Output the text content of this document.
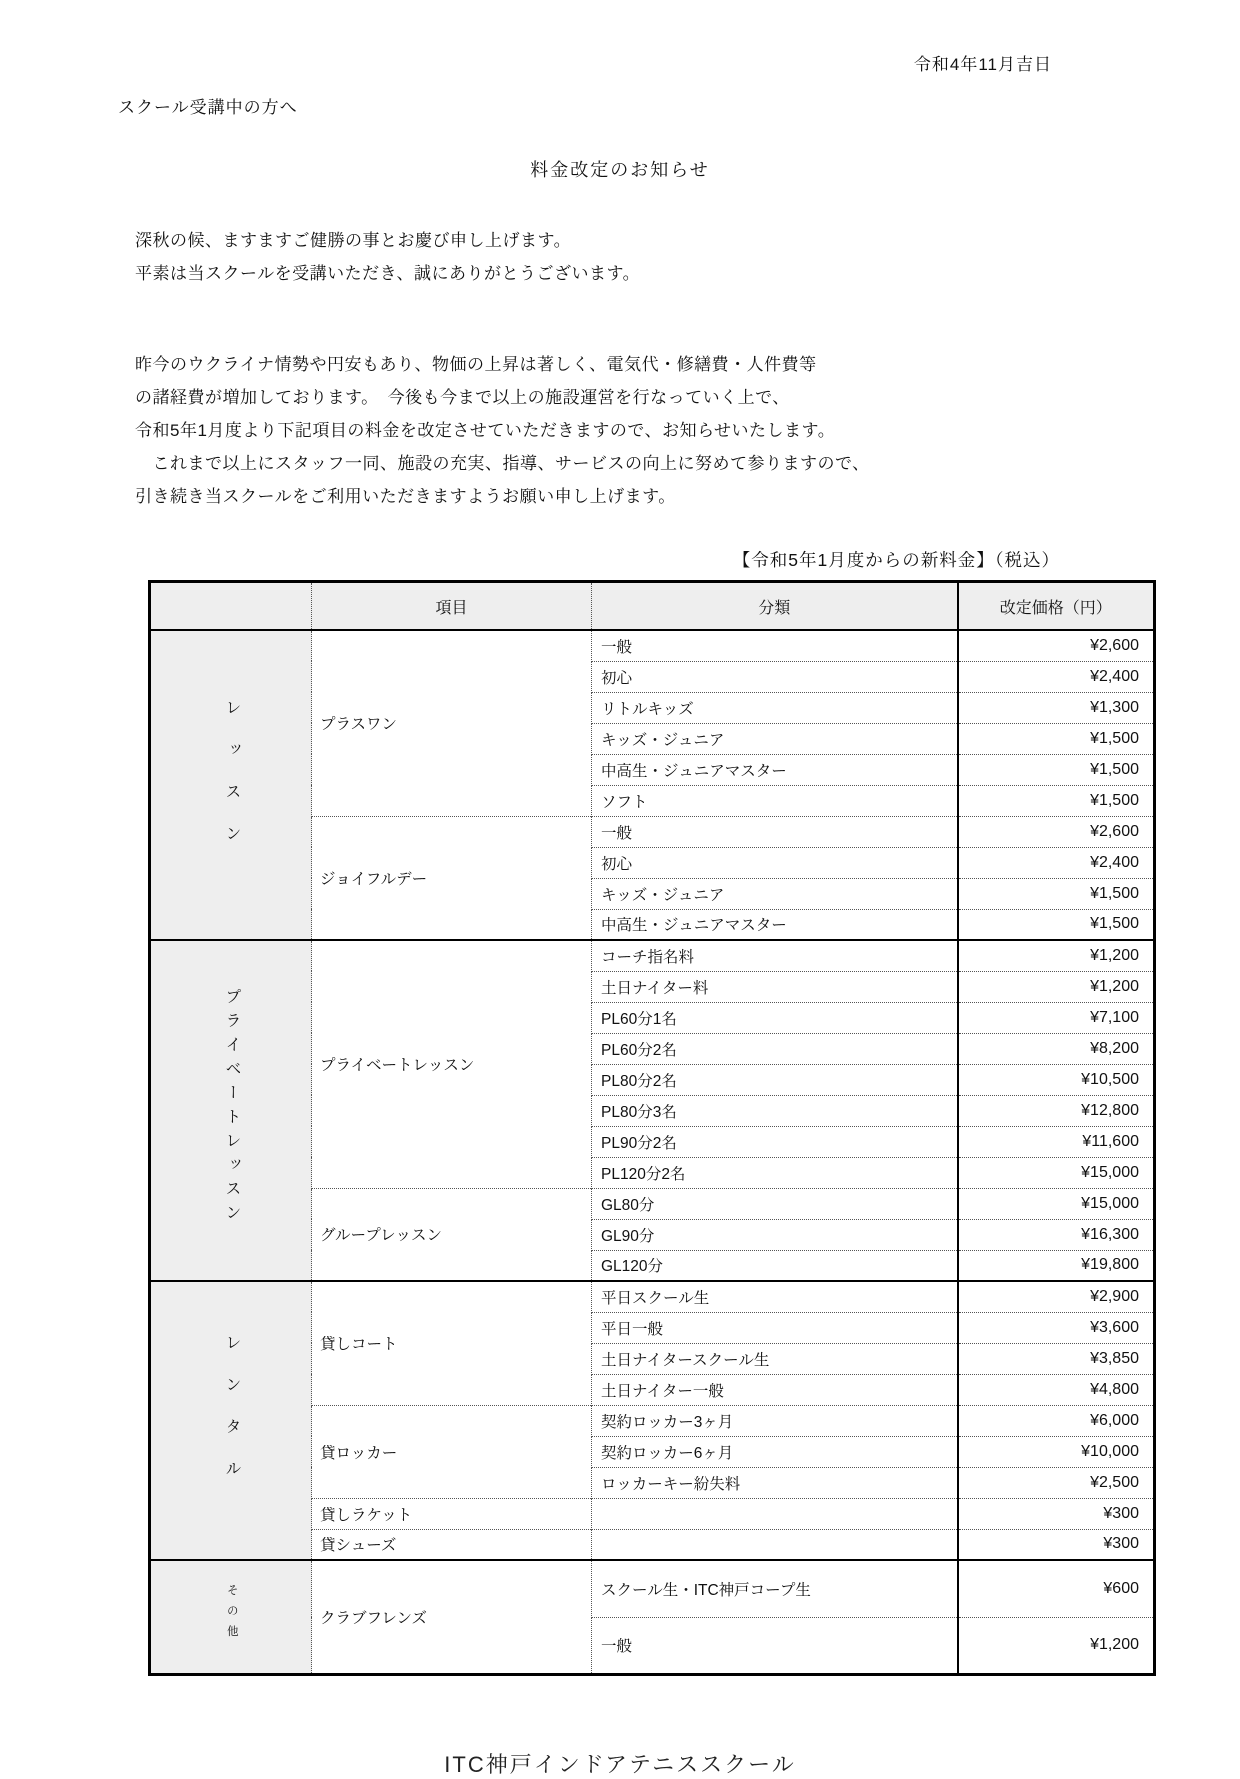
令和4年11月吉日
スクール受講中の方へ
料金改定のお知らせ

深秋の候、ますますご健勝の事とお慶び申し上げます。

平素は当スクールを受講いただき、誠にありがとうございます。

昨今のウクライナ情勢や円安もあり、物価の上昇は著しく、電気代・修繕費・人件費等

の諸経費が増加しております。　今後も今まで以上の施設運営を行なっていく上で、

令和5年1月度より下記項目の料金を改定させていただきますので、お知らせいたします。

　これまで以上にスタッフ一同、施設の充実、指導、サービスの向上に努めて参りますので、

引き続き当スクールをご利用いただきますようお願い申し上げます。

【令和5年1月度からの新料金】（税込）
	項目	分類	改定価格（円）
レッスン	プラスワン	一般	¥2,600
		初心	¥2,400
		リトルキッズ	¥1,300
		キッズ・ジュニア	¥1,500
		中高生・ジュニアマスター	¥1,500
		ソフト	¥1,500
	ジョイフルデー	一般	¥2,600
		初心	¥2,400
		キッズ・ジュニア	¥1,500
		中高生・ジュニアマスター	¥1,500
プライベートレッスン	プライベートレッスン	コーチ指名料	¥1,200
		土日ナイター料	¥1,200
		PL60分1名	¥7,100
		PL60分2名	¥8,200
		PL80分2名	¥10,500
		PL80分3名	¥12,800
		PL90分2名	¥11,600
		PL120分2名	¥15,000
	グループレッスン	GL80分	¥15,000
		GL90分	¥16,300
		GL120分	¥19,800
レンタル	貸しコート	平日スクール生	¥2,900
		平日一般	¥3,600
		土日ナイタースクール生	¥3,850
		土日ナイター一般	¥4,800
	貸ロッカー	契約ロッカー3ヶ月	¥6,000
		契約ロッカー6ヶ月	¥10,000
		ロッカーキー紛失料	¥2,500
	貸しラケット		¥300
	貸シューズ		¥300
その他	クラブフレンズ	スクール生・ITC神戸コープ生	¥600
		一般	¥1,200
ITC神戸インドアテニススクール
